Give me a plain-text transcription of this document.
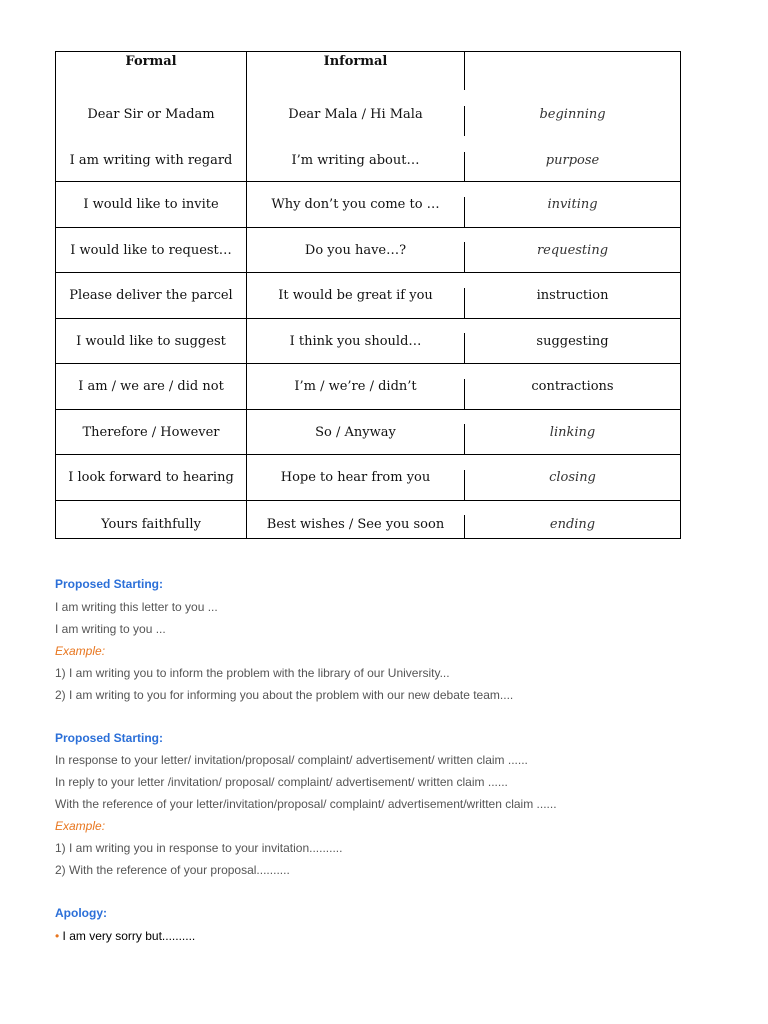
Formal	Informal
Dear Sir or Madam	Dear Mala / Hi Mala	beginning
I am writing with regard	I’m writing about…	purpose
I would like to invite	Why don’t you come to …	inviting
I would like to request…	Do you have…?	requesting
Please deliver the parcel	It would be great if you	instruction
I would like to suggest	I think you should…	suggesting
I am / we are / did not	I’m / we’re / didn’t	contractions
Therefore / However	So / Anyway	linking
I look forward to hearing	Hope to hear from you	closing
Yours faithfully	Best wishes / See you soon	ending
Proposed Starting:
I am writing this letter to you ...
I am writing to you ...
Example:
1) I am writing you to inform the problem with the library of our University...
2) I am writing to you for informing you about the problem with our new debate team....
Proposed Starting:
In response to your letter/ invitation/proposal/ complaint/ advertisement/ written claim ......
In reply to your letter /invitation/ proposal/ complaint/ advertisement/ written claim ......
With the reference of your letter/invitation/proposal/ complaint/ advertisement/written claim ......
Example:
1) I am writing you in response to your invitation..........
2) With the reference of your proposal..........
Apology:
• I am very sorry but..........
